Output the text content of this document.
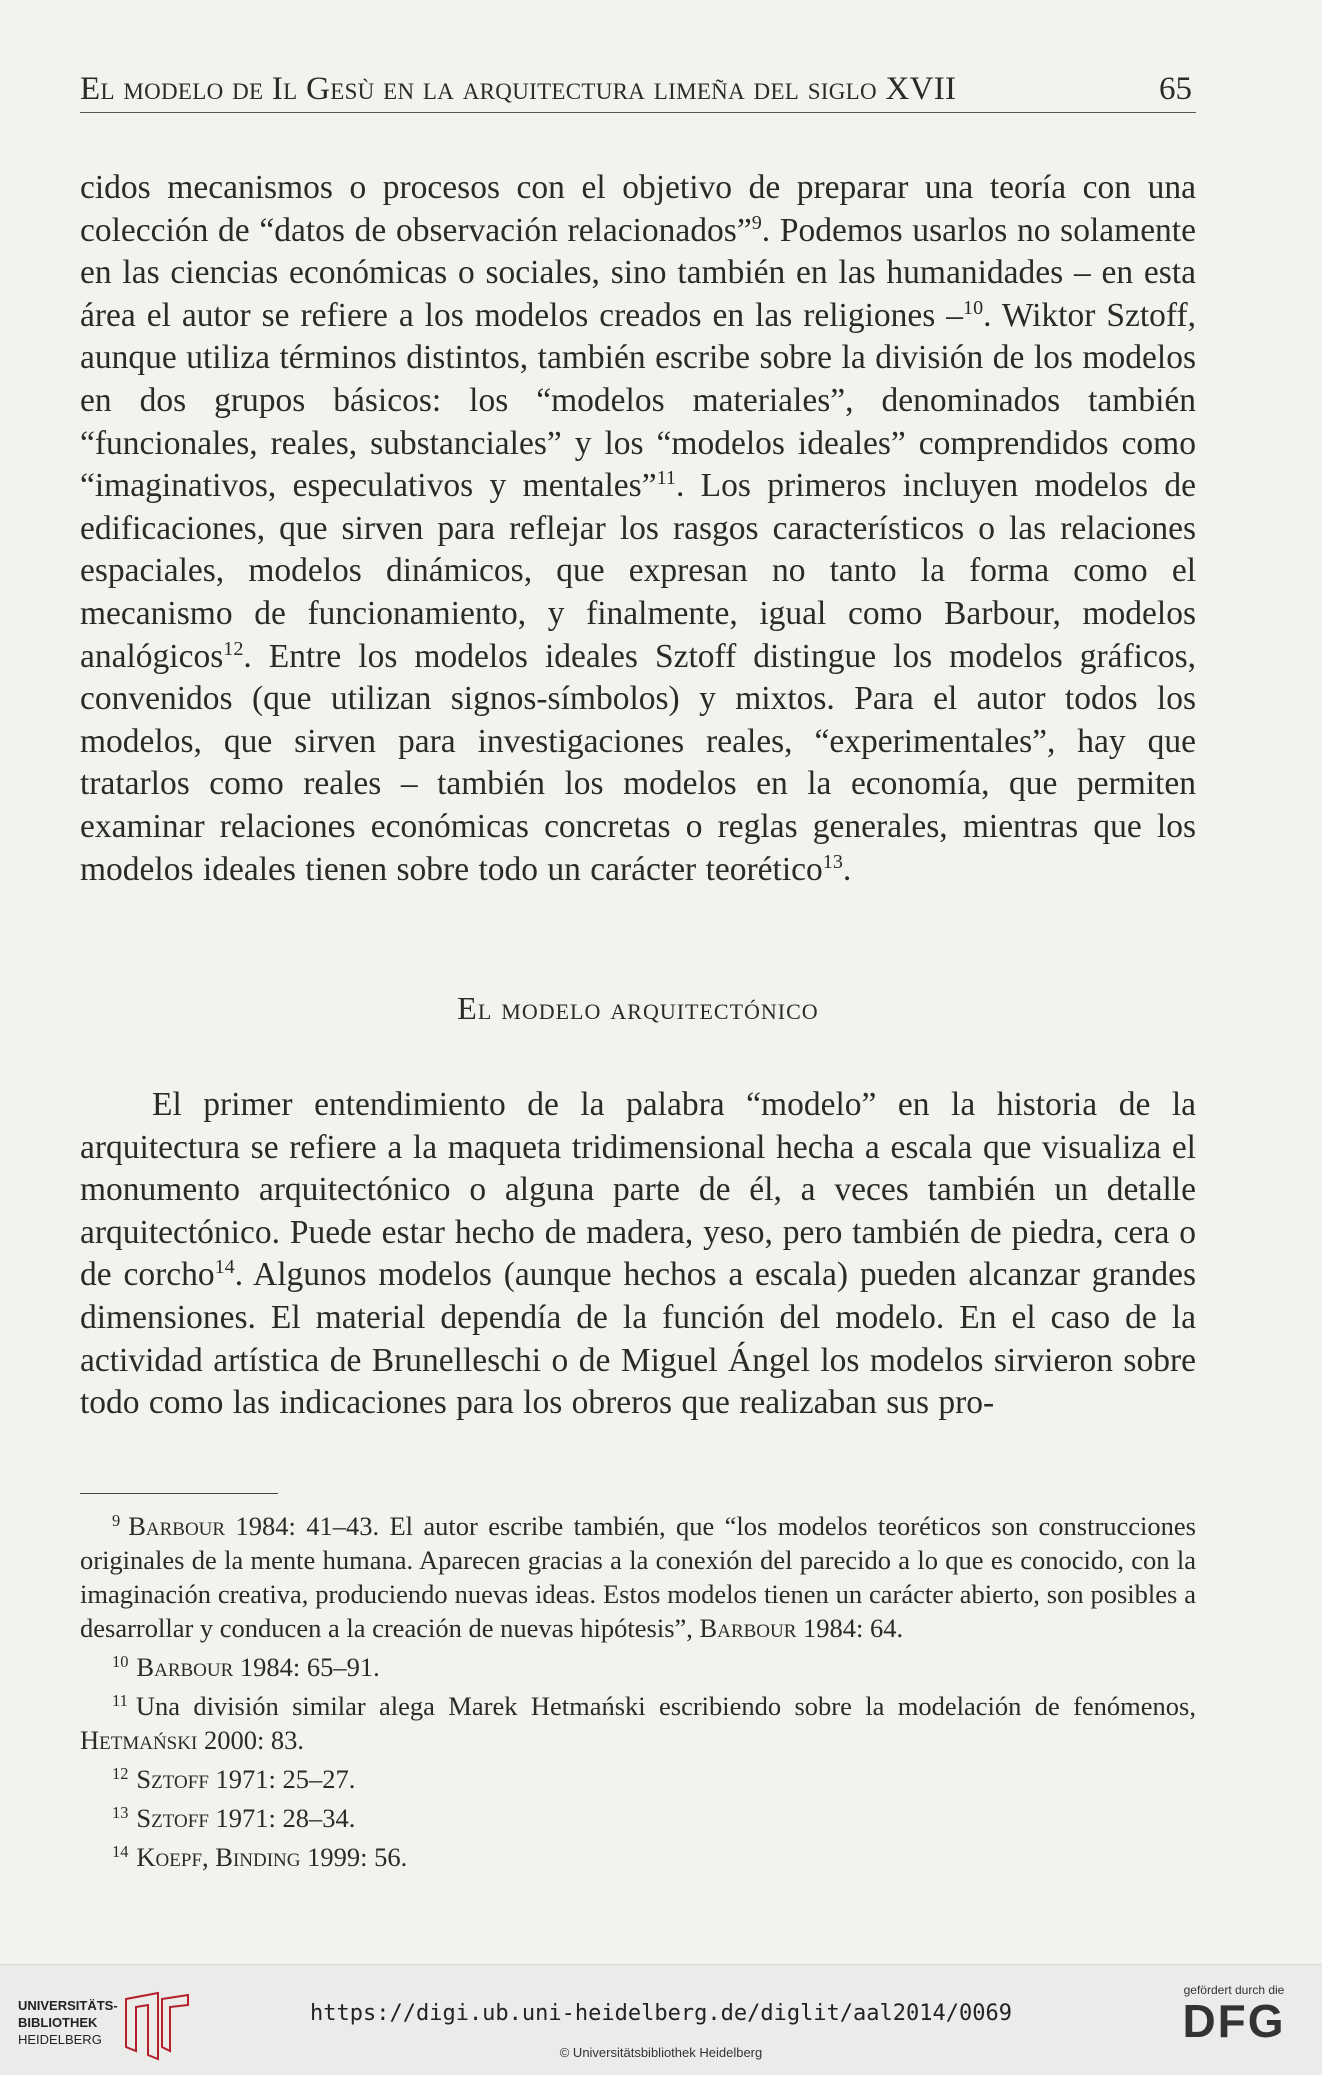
El modelo de Il Gesù en la arquitectura limeña del siglo XVII	65

cidos mecanismos o procesos con el objetivo de preparar una teoría con una colección de “datos de observación relacionados”$^9$. Podemos usarlos no solamente en las ciencias económicas o sociales, sino también en las humanidades – en esta área el autor se refiere a los modelos creados en las religiones –$^{10}$. Wiktor Sztoff, aunque utiliza términos distintos, también escribe sobre la división de los modelos en dos grupos básicos: los “modelos materiales”, denominados también “funcionales, reales, substanciales” y los “modelos ideales” comprendidos como “imaginativos, especulativos y mentales”$^{11}$. Los primeros incluyen modelos de edificaciones, que sirven para reflejar los rasgos característicos o las relaciones espaciales, modelos dinámicos, que expresan no tanto la forma como el mecanismo de funcionamiento, y finalmente, igual como Barbour, modelos analógicos$^{12}$. Entre los modelos ideales Sztoff distingue los modelos gráficos, convenidos (que utilizan signos-símbolos) y mixtos. Para el autor todos los modelos, que sirven para investigaciones reales, “experimentales”, hay que tratarlos como reales – también los modelos en la economía, que permiten examinar relaciones económicas concretas o reglas generales, mientras que los modelos ideales tienen sobre todo un carácter teorético$^{13}$.

El modelo arquitectónico

El primer entendimiento de la palabra “modelo” en la historia de la arquitectura se refiere a la maqueta tridimensional hecha a escala que visualiza el monumento arquitectónico o alguna parte de él, a veces también un detalle arquitectónico. Puede estar hecho de madera, yeso, pero también de piedra, cera o de corcho$^{14}$. Algunos modelos (aunque hechos a escala) pueden alcanzar grandes dimensiones. El material dependía de la función del modelo. En el caso de la actividad artística de Brunelleschi o de Miguel Ángel los modelos sirvieron sobre todo como las indicaciones para los obreros que realizaban sus pro-

$^9$ Barbour 1984: 41–43. El autor escribe también, que “los modelos teoréticos son construcciones originales de la mente humana. Aparecen gracias a la conexión del parecido a lo que es conocido, con la imaginación creativa, produciendo nuevas ideas. Estos modelos tienen un carácter abierto, son posibles a desarrollar y conducen a la creación de nuevas hipótesis”, Barbour 1984: 64.

$^{10}$ Barbour 1984: 65–91.

$^{11}$ Una división similar alega Marek Hetmański escribiendo sobre la modelación de fenómenos, Hetmański 2000: 83.

$^{12}$ Sztoff 1971: 25–27.

$^{13}$ Sztoff 1971: 28–34.

$^{14}$ Koepf, Binding 1999: 56.

UNIVERSITÄTS-
BIBLIOTHEK
HEIDELBERG
https://digi.ub.uni-heidelberg.de/diglit/aal2014/0069
© Universitätsbibliothek Heidelberg
gefördert durch die
DFG
